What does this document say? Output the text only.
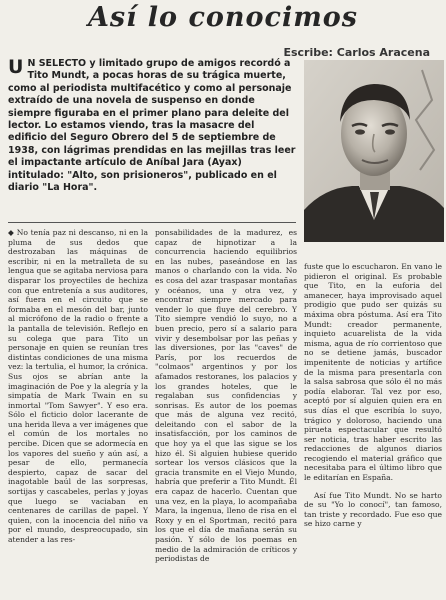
Así lo conocimos

Escribe: Carlos Aracena

U N SELECTO y limitado grupo de amigos recordó a Tito Mundt, a pocas horas de su trágica muerte, como al periodista multifacético y como al personaje extraído de una novela de suspenso en donde siempre figuraba en el primer plano para deleite del lector. Lo estamos viendo, tras la masacre del edificio del Seguro Obrero del 5 de septiembre de 1938, con lágrimas prendidas en las mejillas tras leer el impactante artículo de Aníbal Jara (Ayax) intitulado: "Alto, son prisioneros", publicado en el diario "La Hora".

◆ No tenía paz ni descanso, ni en la pluma de sus dedos que destrozaban las máquinas de escribir, ni en la metralleta de su lengua que se agitaba nerviosa para disparar los proyectiles de hechiza con que entretenía a sus auditores, así fuera en el circuito que se formaba en el mesón del bar, junto al micrófono de la radio o frente a la pantalla de televisión. Reflejo en su colega que para Tito un personaje en quien se reunían tres distintas condiciones de una misma vez: la tertulia, el humor, la crónica. Sus ojos se abrían ante la imaginación de Poe y la alegría y la simpatía de Mark Twain en su inmortal "Tom Sawyer". Y eso era. Sólo el ficticio dolor lacerante de una herida lleva a ver imágenes que el común de los mortales no percibe. Dicen que se adormecía en los vapores del sueño y aún así, a pesar de ello, permanecía despierto, capaz de sacar del inagotable baúl de las sorpresas, sortijas y cascabeles, perlas y joyas que luego se vaciaban en centenares de carillas de papel. Y quien, con la inocencia del niño va por el mundo, despreocupado, sin atender a las res-

ponsabilidades de la madurez, es capaz de hipnotizar a la concurrencia haciendo equilibrios en las nubes, paseándose en las manos o charlando con la vida. No es cosa del azar traspasar montañas y océanos, una y otra vez, y encontrar siempre mercado para vender lo que fluye del cerebro. Y Tito siempre vendió lo suyo, no a buen precio, pero sí a salario para vivir y desembolsar por las peñas y las diversiones, por las "caves" de París, por los recuerdos de "colmaos" argentinos y por los afamados restoranes, los palacios y los grandes hoteles, que le regalaban sus confidencias y sonrisas. Es autor de los poemas que más de alguna vez recitó, deleitando con el sabor de la insatisfacción, por los caminos de que hoy ya el que las sigue se los hizo él. Si alguien hubiese querido sortear los versos clásicos que la gracia transmite en el Viejo Mundo, habría que preferir a Tito Mundt. Él era capaz de hacerlo. Cuentan que una vez, en la playa, lo acompañaba Mara, la ingenua, lleno de risa en el Roxy y en el Sportman, recitó para los que el día de mañana serán su pasión. Y sólo de los poemas en medio de la admiración de críticos y periodistas de

fuste que lo escucharon. En vano le pidieron el original. Es probable que Tito, en la euforia del amanecer, haya improvisado aquel prodigio que pudo ser quizás su máxima obra póstuma. Así era Tito Mundt: creador permanente, inquieto acuarelista de la vida misma, agua de río corrientoso que no se detiene jamás, buscador impenitente de noticias y artífice de la misma para presentarla con la salsa sabrosa que sólo él no más podía elaborar. Tal vez por eso, aceptó por sí alguien quien era en sus días el que escribía lo suyo, trágico y doloroso, haciendo una pirueta espectacular que resultó ser noticia, tras haber escrito las redacciones de algunos diarios recogiendo el material gráfico que necesitaba para el último libro que le editarían en España.
Así fue Tito Mundt. No se harto de su "Yo lo conocí", tan famoso, tan triste y recordado. Fue eso que se hizo carne y
